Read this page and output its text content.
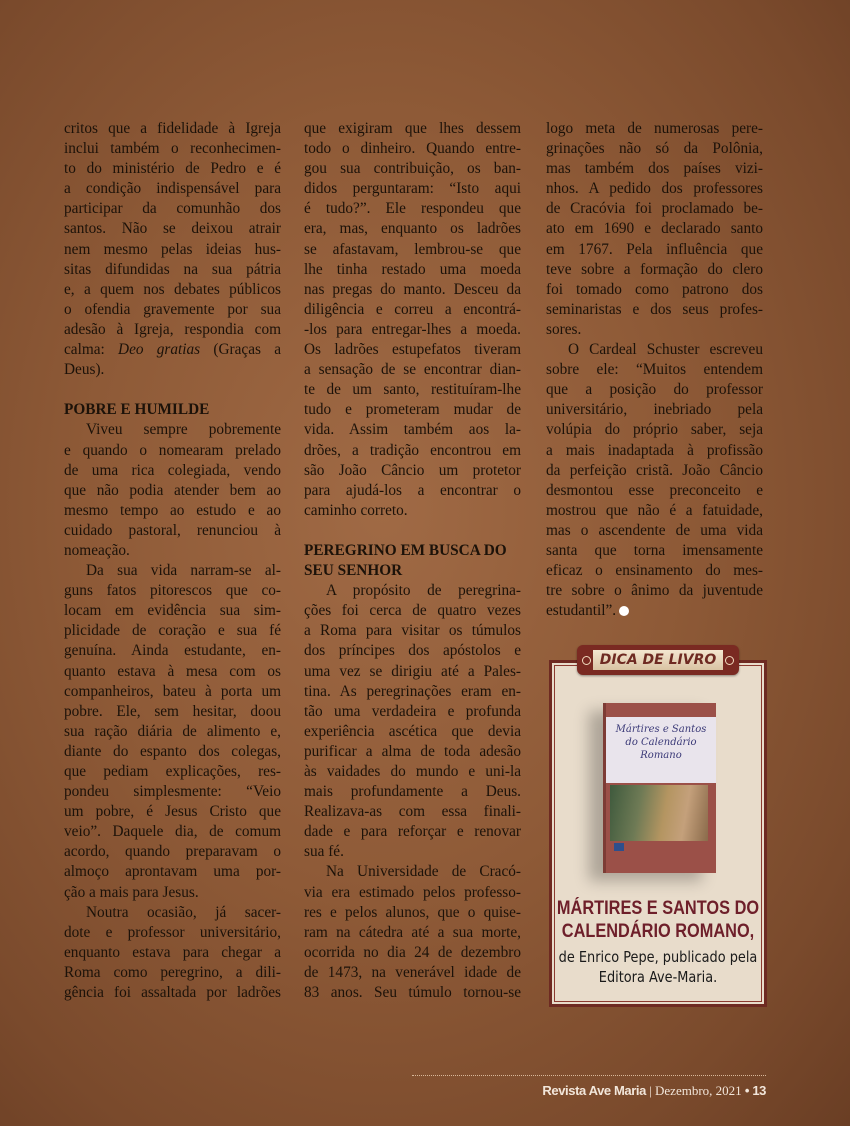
critos que a fidelidade à Igreja
inclui também o reconhecimen-
to do ministério de Pedro e é
a condição indispensável para
participar da comunhão dos
santos. Não se deixou atrair
nem mesmo pelas ideias hus-
sitas difundidas na sua pátria
e, a quem nos debates públicos
o ofendia gravemente por sua
adesão à Igreja, respondia com
calma: Deo gratias (Graças a
Deus).
POBRE E HUMILDE
Viveu sempre pobremente
e quando o nomearam prelado
de uma rica colegiada, vendo
que não podia atender bem ao
mesmo tempo ao estudo e ao
cuidado pastoral, renunciou à
nomeação.
Da sua vida narram-se al-
guns fatos pitorescos que co-
locam em evidência sua sim-
plicidade de coração e sua fé
genuína. Ainda estudante, en-
quanto estava à mesa com os
companheiros, bateu à porta um
pobre. Ele, sem hesitar, doou
sua ração diária de alimento e,
diante do espanto dos colegas,
que pediam explicações, res-
pondeu simplesmente: “Veio
um pobre, é Jesus Cristo que
veio”. Daquele dia, de comum
acordo, quando preparavam o
almoço aprontavam uma por-
ção a mais para Jesus.
Noutra ocasião, já sacer-
dote e professor universitário,
enquanto estava para chegar a
Roma como peregrino, a dili-
gência foi assaltada por ladrões
que exigiram que lhes dessem
todo o dinheiro. Quando entre-
gou sua contribuição, os ban-
didos perguntaram: “Isto aqui
é tudo?”. Ele respondeu que
era, mas, enquanto os ladrões
se afastavam, lembrou-se que
lhe tinha restado uma moeda
nas pregas do manto. Desceu da
diligência e correu a encontrá-
-los para entregar-lhes a moeda.
Os ladrões estupefatos tiveram
a sensação de se encontrar dian-
te de um santo, restituíram-lhe
tudo e prometeram mudar de
vida. Assim também aos la-
drões, a tradição encontrou em
são João Câncio um protetor
para ajudá-los a encontrar o
caminho correto.
PEREGRINO EM BUSCA DO
SEU SENHOR
A propósito de peregrina-
ções foi cerca de quatro vezes
a Roma para visitar os túmulos
dos príncipes dos apóstolos e
uma vez se dirigiu até a Pales-
tina. As peregrinações eram en-
tão uma verdadeira e profunda
experiência ascética que devia
purificar a alma de toda adesão
às vaidades do mundo e uni-la
mais profundamente a Deus.
Realizava-as com essa finali-
dade e para reforçar e renovar
sua fé.
Na Universidade de Cracó-
via era estimado pelos professo-
res e pelos alunos, que o quise-
ram na cátedra até a sua morte,
ocorrida no dia 24 de dezembro
de 1473, na venerável idade de
83 anos. Seu túmulo tornou-se
logo meta de numerosas pere-
grinações não só da Polônia,
mas também dos países vizi-
nhos. A pedido dos professores
de Cracóvia foi proclamado be-
ato em 1690 e declarado santo
em 1767. Pela influência que
teve sobre a formação do clero
foi tomado como patrono dos
seminaristas e dos seus profes-
sores.
O Cardeal Schuster escreveu
sobre ele: “Muitos entendem
que a posição do professor
universitário, inebriado pela
volúpia do próprio saber, seja
a mais inadaptada à profissão
da perfeição cristã. João Câncio
desmontou esse preconceito e
mostrou que não é a fatuidade,
mas o ascendente de uma vida
santa que torna imensamente
eficaz o ensinamento do mes-
tre sobre o ânimo da juventude
estudantil”.
DICA DE LIVRO
Mártires e Santos do Calendário Romano
MÁRTIRES E SANTOS DO CALENDÁRIO ROMANO,
de Enrico Pepe, publicado pela Editora Ave-Maria.
Revista Ave Maria | Dezembro, 2021 • 13
